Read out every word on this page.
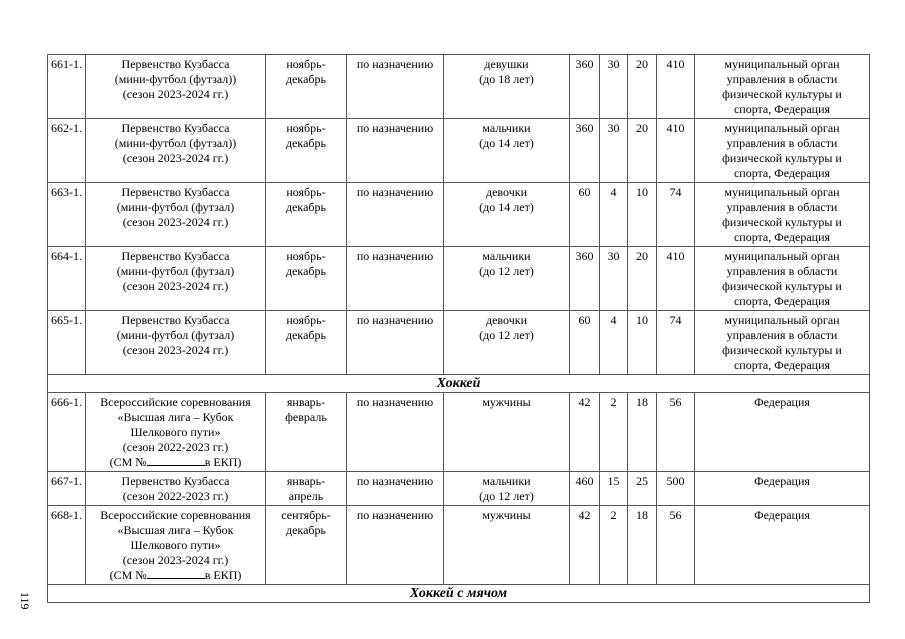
661-1.	Первенство Кузбасса
(мини-футбол (футзал))
(сезон 2023-2024 гг.)	ноябрь-
декабрь	по назначению	девушки
(до 18 лет)	360	30	20	410	муниципальный орган
управления в области
физической культуры и
спорта, Федерация
662-1.	Первенство Кузбасса
(мини-футбол (футзал))
(сезон 2023-2024 гг.)	ноябрь-
декабрь	по назначению	мальчики
(до 14 лет)	360	30	20	410	муниципальный орган
управления в области
физической культуры и
спорта, Федерация
663-1.	Первенство Кузбасса
(мини-футбол (футзал)
(сезон 2023-2024 гг.)	ноябрь-
декабрь	по назначению	девочки
(до 14 лет)	60	4	10	74	муниципальный орган
управления в области
физической культуры и
спорта, Федерация
664-1.	Первенство Кузбасса
(мини-футбол (футзал)
(сезон 2023-2024 гг.)	ноябрь-
декабрь	по назначению	мальчики
(до 12 лет)	360	30	20	410	муниципальный орган
управления в области
физической культуры и
спорта, Федерация
665-1.	Первенство Кузбасса
(мини-футбол (футзал)
(сезон 2023-2024 гг.)	ноябрь-
декабрь	по назначению	девочки
(до 12 лет)	60	4	10	74	муниципальный орган
управления в области
физической культуры и
спорта, Федерация
Хоккей									
666-1.	Всероссийские соревнования
«Высшая лига – Кубок
Шелкового пути»
(сезон 2022-2023 гг.)
(СМ № в ЕКП)	январь-
февраль	по назначению	мужчины	42	2	18	56	Федерация
667-1.	Первенство Кузбасса
(сезон 2022-2023 гг.)	январь-
апрель	по назначению	мальчики
(до 12 лет)	460	15	25	500	Федерация
668-1.	Всероссийские соревнования
«Высшая лига – Кубок
Шелкового пути»
(сезон 2023-2024 гг.)
(СМ № в ЕКП)	сентябрь-
декабрь	по назначению	мужчины	42	2	18	56	Федерация
Хоккей с мячом									
119
